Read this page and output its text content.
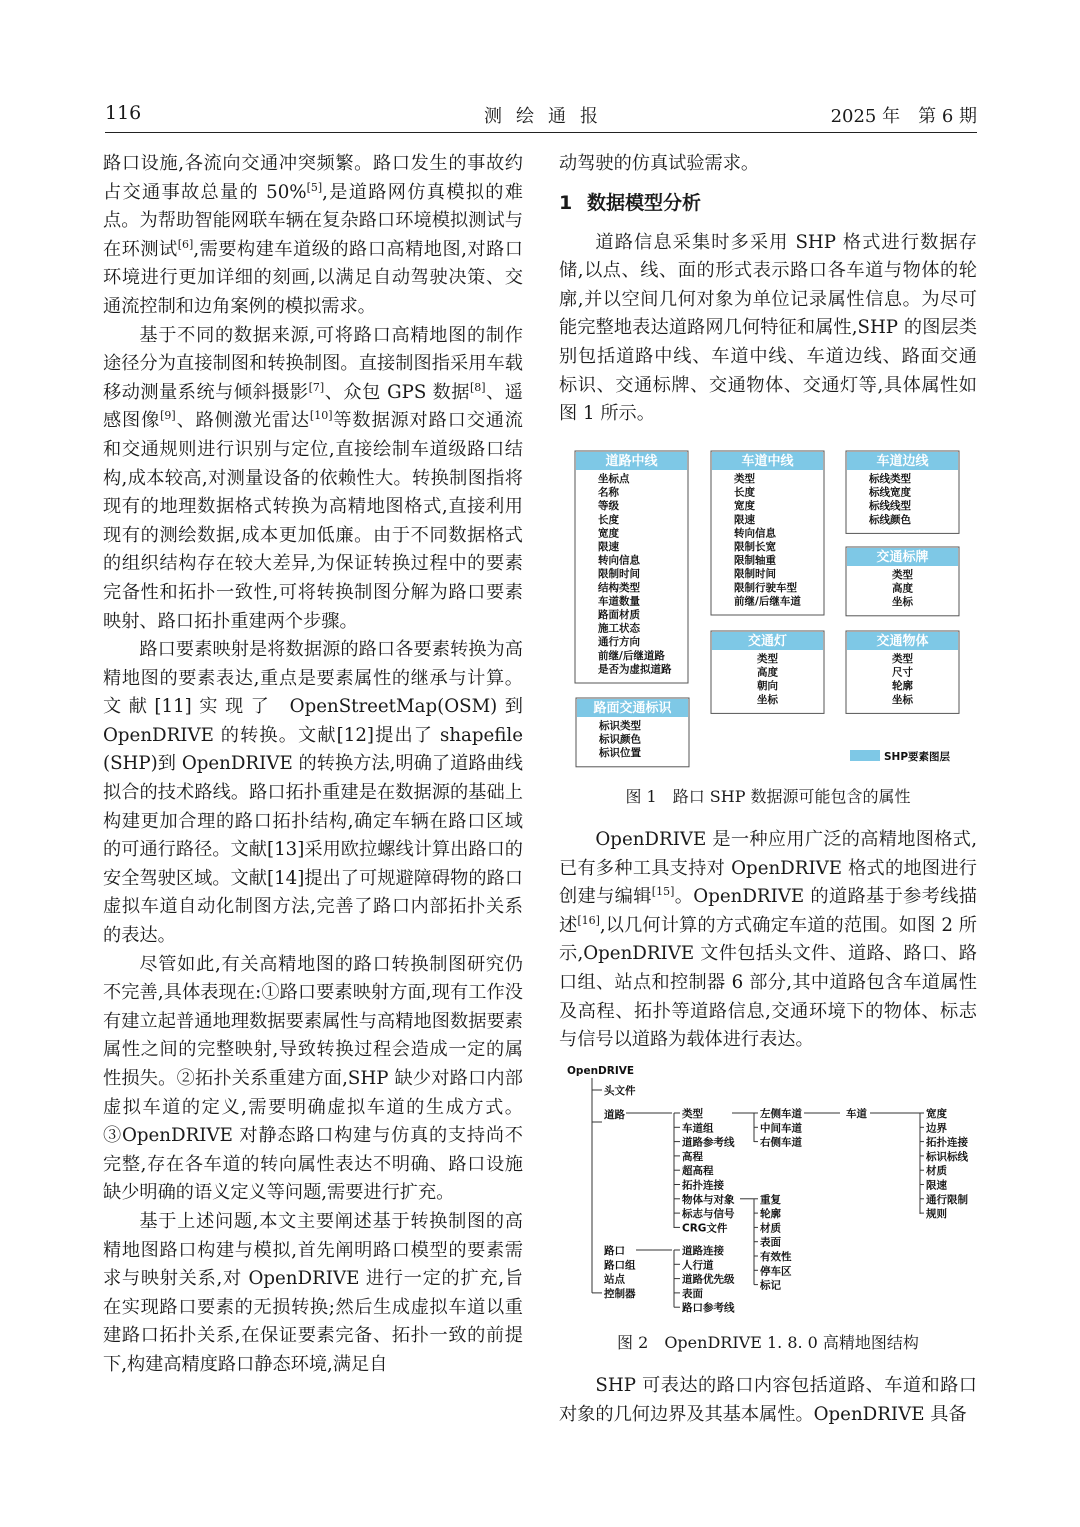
116	测绘通报	2025 年　第 6 期

路口设施,各流向交通冲突频繁。路口发生的事故约占交通事故总量的 50%[5],是道路网仿真模拟的难点。为帮助智能网联车辆在复杂路口环境模拟测试与在环测试[6],需要构建车道级的路口高精地图,对路口环境进行更加详细的刻画,以满足自动驾驶决策、交通流控制和边角案例的模拟需求。

基于不同的数据来源,可将路口高精地图的制作途径分为直接制图和转换制图。直接制图指采用车载移动测量系统与倾斜摄影[7]、众包 GPS 数据[8]、遥感图像[9]、路侧激光雷达[10]等数据源对路口交通流和交通规则进行识别与定位,直接绘制车道级路口结构,成本较高,对测量设备的依赖性大。转换制图指将现有的地理数据格式转换为高精地图格式,直接利用现有的测绘数据,成本更加低廉。由于不同数据格式的组织结构存在较大差异,为保证转换过程中的要素完备性和拓扑一致性,可将转换制图分解为路口要素映射、路口拓扑重建两个步骤。

路口要素映射是将数据源的路口各要素转换为高精地图的要素表达,重点是要素属性的继承与计算。文献[11]实现了 OpenStreetMap(OSM)到 OpenDRIVE 的转换。文献[12]提出了 shapefile (SHP)到 OpenDRIVE 的转换方法,明确了道路曲线拟合的技术路线。路口拓扑重建是在数据源的基础上构建更加合理的路口拓扑结构,确定车辆在路口区域的可通行路径。文献[13]采用欧拉螺线计算出路口的安全驾驶区域。文献[14]提出了可规避障碍物的路口虚拟车道自动化制图方法,完善了路口内部拓扑关系的表达。

尽管如此,有关高精地图的路口转换制图研究仍不完善,具体表现在:①路口要素映射方面,现有工作没有建立起普通地理数据要素属性与高精地图数据要素属性之间的完整映射,导致转换过程会造成一定的属性损失。②拓扑关系重建方面,SHP 缺少对路口内部虚拟车道的定义,需要明确虚拟车道的生成方式。③OpenDRIVE 对静态路口构建与仿真的支持尚不完整,存在各车道的转向属性表达不明确、路口设施缺少明确的语义定义等问题,需要进行扩充。

基于上述问题,本文主要阐述基于转换制图的高精地图路口构建与模拟,首先阐明路口模型的要素需求与映射关系,对 OpenDRIVE 进行一定的扩充,旨在实现路口要素的无损转换;然后生成虚拟车道以重建路口拓扑关系,在保证要素完备、拓扑一致的前提下,构建高精度路口静态环境,满足自

动驾驶的仿真试验需求。

1 数据模型分析

道路信息采集时多采用 SHP 格式进行数据存储,以点、线、面的形式表示路口各车道与物体的轮廓,并以空间几何对象为单位记录属性信息。为尽可能完整地表达道路网几何特征和属性,SHP 的图层类别包括道路中线、车道中线、车道边线、路面交通标识、交通标牌、交通物体、交通灯等,具体属性如图 1 所示。

道路中线
坐标点
名称
等级
长度
宽度
限速
转向信息
限制时间
结构类型
车道数量
路面材质
施工状态
通行方向
前继/后继道路
是否为虚拟道路
车道中线
类型
长度
宽度
限速
转向信息
限制长宽
限制轴重
限制时间
限制行驶车型
前继/后继车道
车道边线
标线类型
标线宽度
标线线型
标线颜色
交通标牌
类型
高度
坐标
交通灯
类型
高度
朝向
坐标
交通物体
类型
尺寸
轮廓
坐标
路面交通标识
标识类型
标识颜色
标识位置	SHP要素图层
图 1　路口 SHP 数据源可能包含的属性

OpenDRIVE 是一种应用广泛的高精地图格式,已有多种工具支持对 OpenDRIVE 格式的地图进行创建与编辑[15]。OpenDRIVE 的道路基于参考线描述[16],以几何计算的方式确定车道的范围。如图 2 所示,OpenDRIVE 文件包括头文件、道路、路口、路口组、站点和控制器 6 部分,其中道路包含车道属性及高程、拓扑等道路信息,交通环境下的物体、标志与信号以道路为载体进行表达。

OpenDRIVE
头文件
道路	类型
车道组
道路参考线
高程
超高程
拓扑连接
物体与对象
标志与信号
CRG文件
左侧车道
中间车道
右侧车道
车道	宽度
边界
拓扑连接
标识标线
材质
限速
通行限制
规则
重复
轮廓
材质
表面
有效性
停车区
标记
路口
路口组
站点
控制器
道路连接
人行道
道路优先级
表面
路口参考线
图 2　OpenDRIVE 1. 8. 0 高精地图结构

SHP 可表达的路口内容包括道路、车道和路口对象的几何边界及其基本属性。OpenDRIVE 具备
